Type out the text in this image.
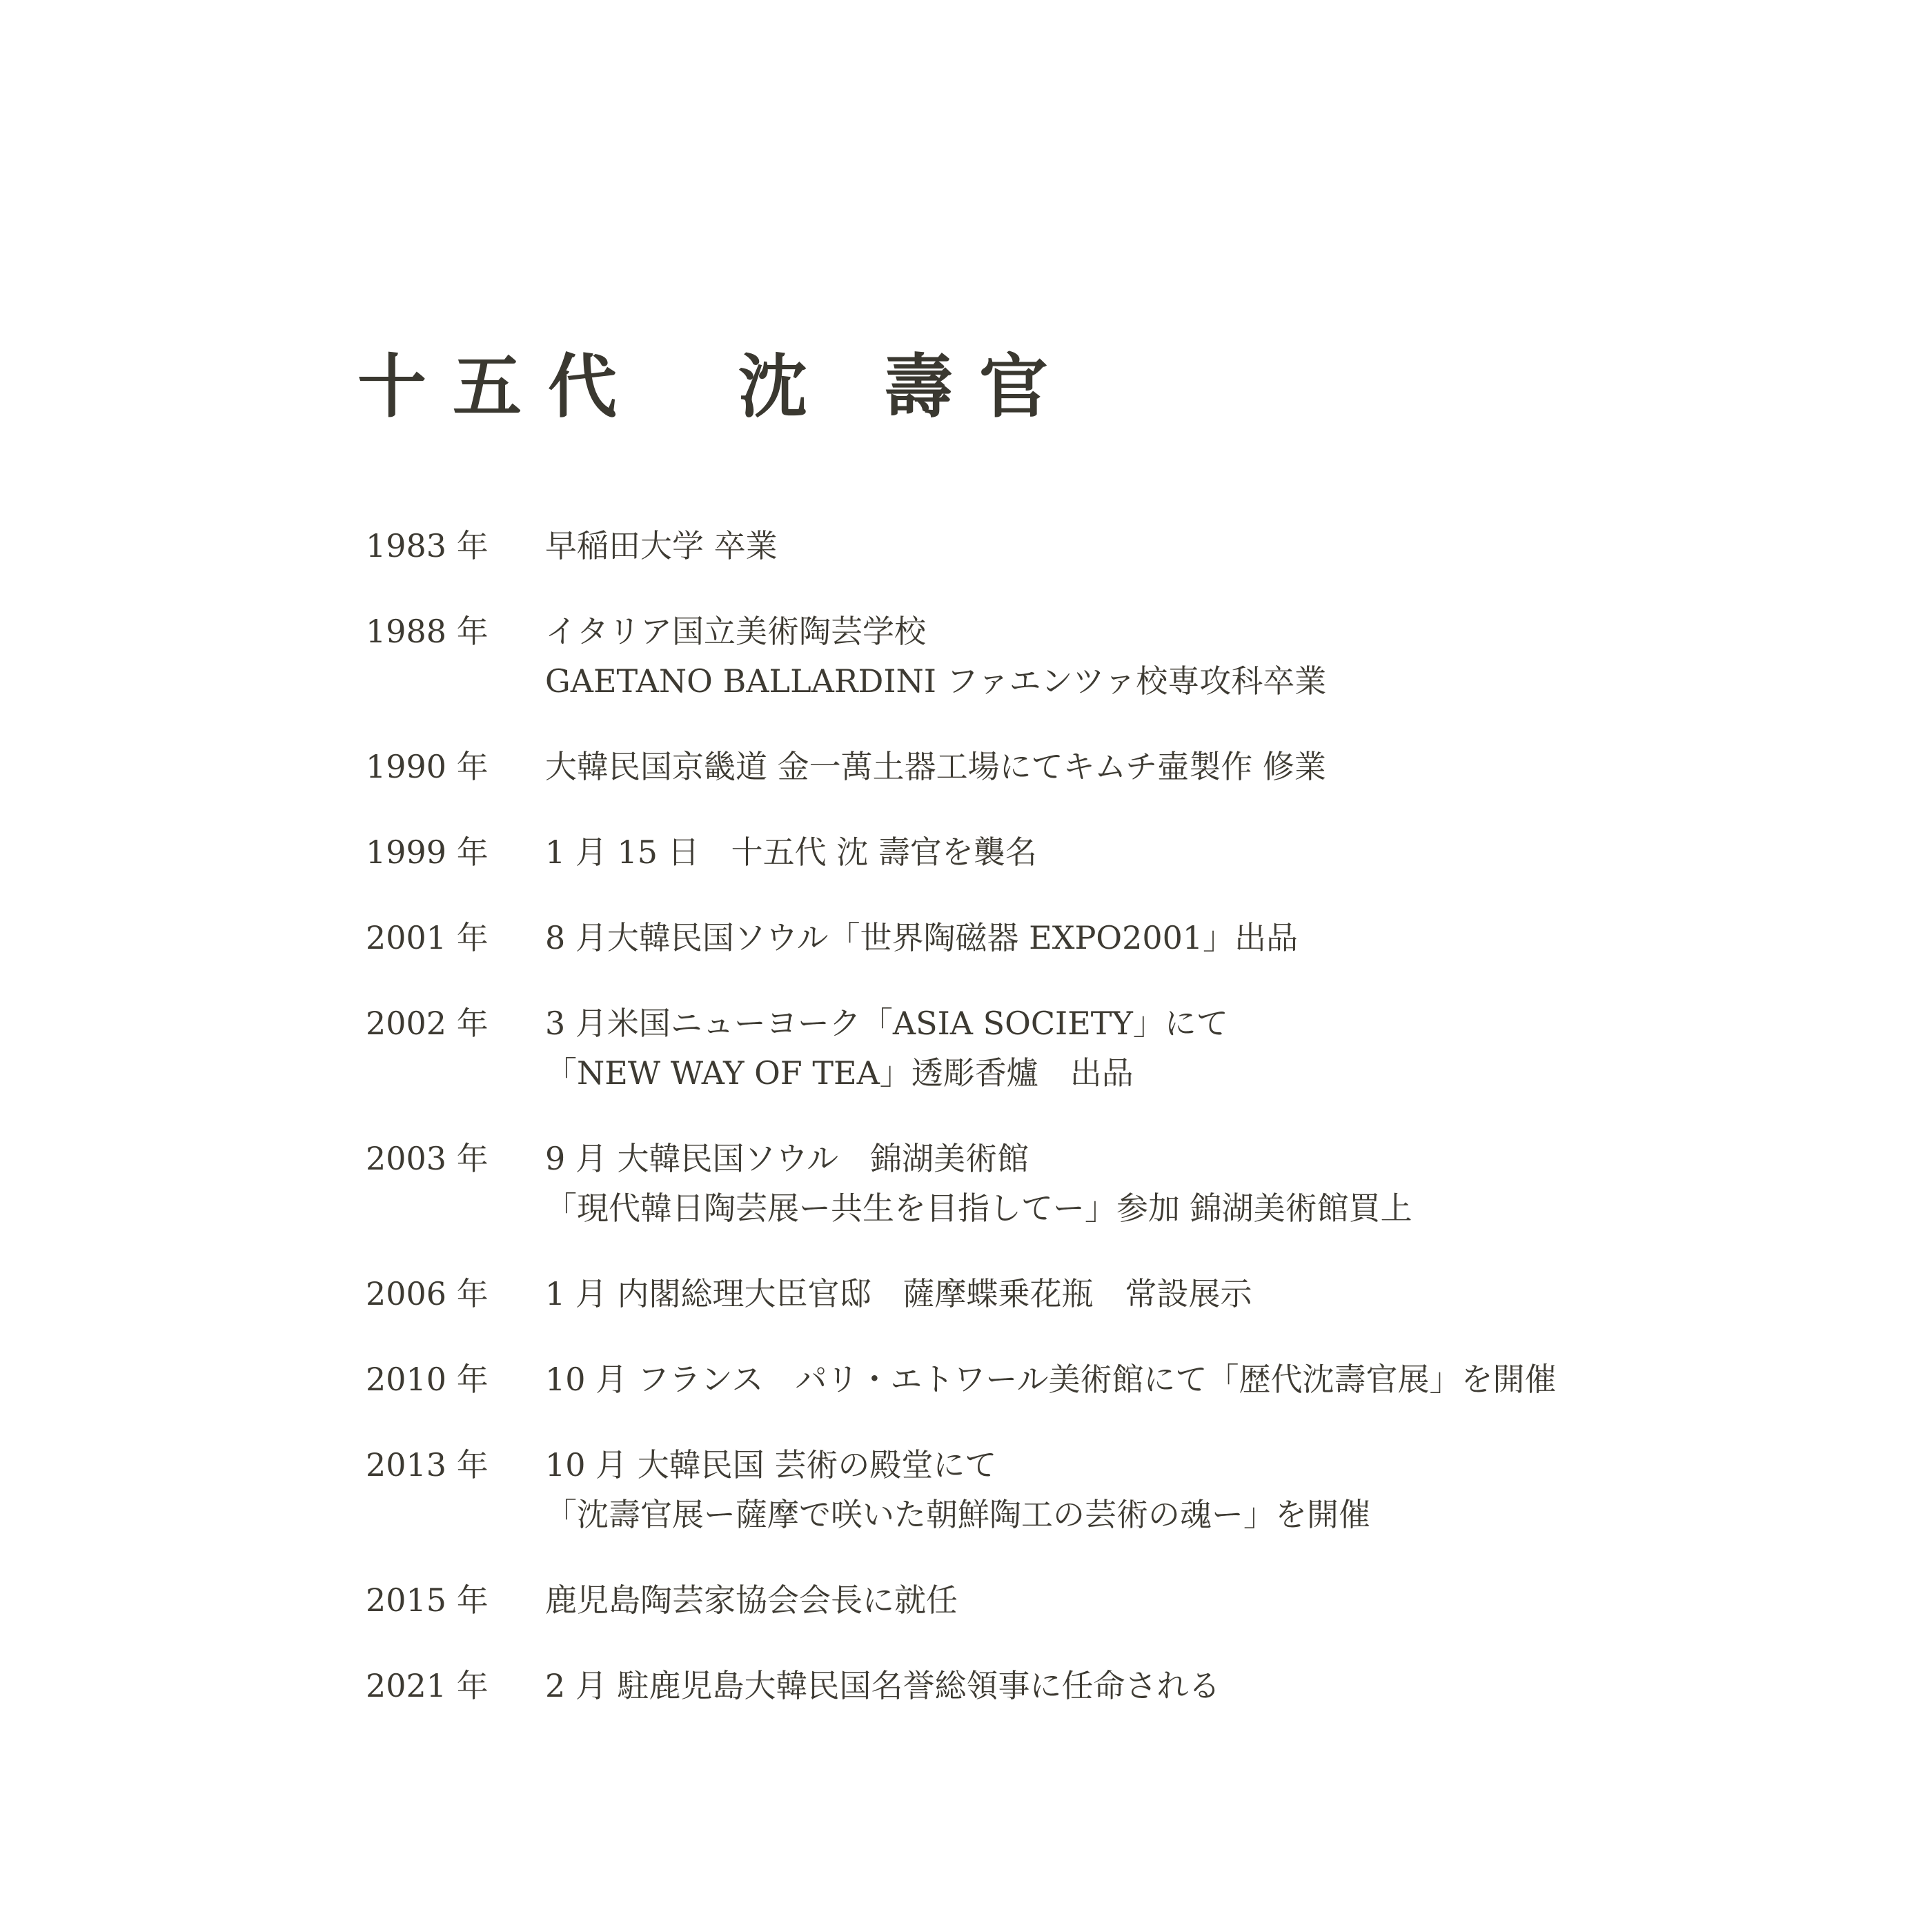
十五代　沈 壽官
1983 年 早稲田大学 卒業
1988 年 イタリア国立美術陶芸学校
GAETANO BALLARDINI ファエンツァ校専攻科卒業
1990 年 大韓民国京畿道 金一萬土器工場にてキムチ壷製作 修業
1999 年 1 月 15 日　十五代 沈 壽官を襲名
2001 年 8 月大韓民国ソウル「世界陶磁器 EXPO2001」出品
2002 年 3 月米国ニューヨーク「ASIA SOCIETY」にて
「NEW WAY OF TEA」透彫香爐　出品
2003 年 9 月 大韓民国ソウル　錦湖美術館
「現代韓日陶芸展ー共生を目指してー」参加 錦湖美術館買上
2006 年 1 月 内閣総理大臣官邸　薩摩蝶乗花瓶　常設展示
2010 年 10 月 フランス　パリ・エトワール美術館にて「歴代沈壽官展」を開催
2013 年 10 月 大韓民国 芸術の殿堂にて
「沈壽官展ー薩摩で咲いた朝鮮陶工の芸術の魂ー」を開催
2015 年 鹿児島陶芸家協会会長に就任
2021 年 2 月 駐鹿児島大韓民国名誉総領事に任命される
